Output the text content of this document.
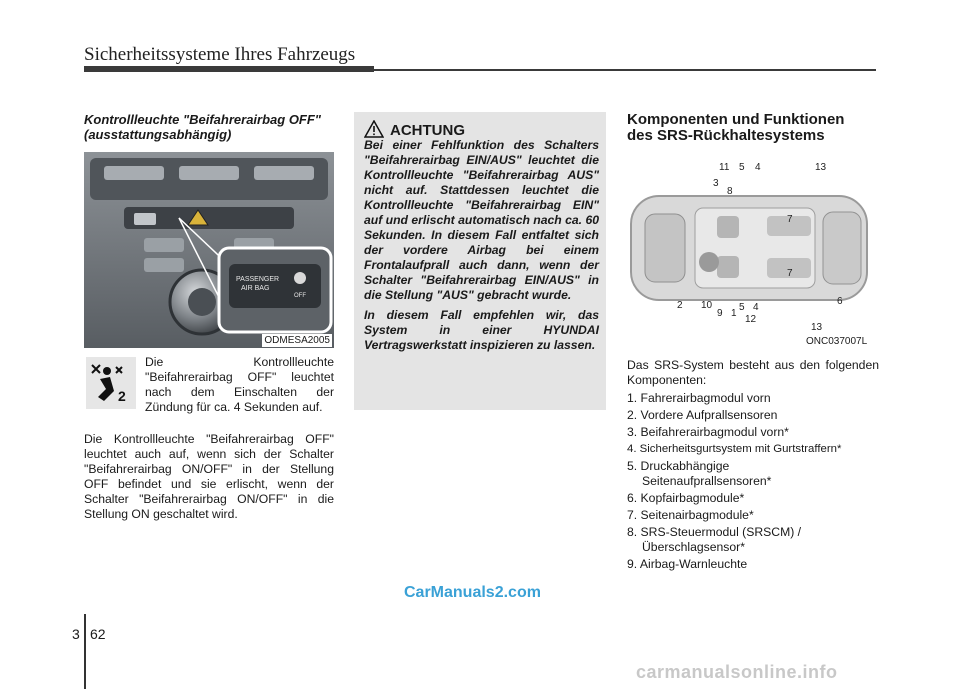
Sicherheitssysteme Ihres Fahrzeugs
Kontrollleuchte "Beifahrerairbag OFF" (ausstattungsabhängig)
PASSENGER
AIR BAG
OFF
ODMESA2005
2
Die Kontrollleuchte "Beifahrerairbag OFF" leuchtet nach dem Einschalten der Zündung für ca. 4 Sekunden auf.
Die Kontrollleuchte "Beifahrerairbag OFF" leuchtet auch auf, wenn sich der Schalter "Beifahrerairbag ON/OFF" in der Stellung OFF befindet und sie erlischt, wenn der Schalter "Beifahrerairbag ON/OFF" in die Stellung ON geschaltet wird.
ACHTUNG

Bei einer Fehlfunktion des Schalters "Beifahrerairbag EIN/AUS" leuchtet die Kontrollleuchte "Beifahrerairbag AUS" nicht auf. Stattdessen leuchtet die Kontrollleuchte "Beifahrerairbag EIN" auf und erlischt automatisch nach ca. 60 Sekunden. In diesem Fall entfaltet sich der vordere Airbag bei einem Frontalaufprall auch dann, wenn der Schalter "Beifahrerairbag EIN/AUS" in die Stellung "AUS" gebracht wurde.

In diesem Fall empfehlen wir, das System in einer HYUNDAI Vertragswerkstatt inspizieren zu lassen.

Komponenten und Funktionen
des SRS-Rückhaltesystems
11 5 4	13
3
8
7
7
2 10
9 1
5 4
12
6
13
ONC037007L
Das SRS-System besteht aus den folgenden Komponenten:
1. Fahrerairbagmodul vorn
2. Vordere Aufprallsensoren
3. Beifahrerairbagmodul vorn*
4. Sicherheitsgurtsystem mit Gurtstraffern*
5. Druckabhängige
Seitenaufprallsensoren*
6. Kopfairbagmodule*
7. Seitenairbagmodule*
8. SRS-Steuermodul (SRSCM) /
Überschlagsensor*
9. Airbag-Warnleuchte
CarManuals2.com
3 62
carmanualsonline.info
